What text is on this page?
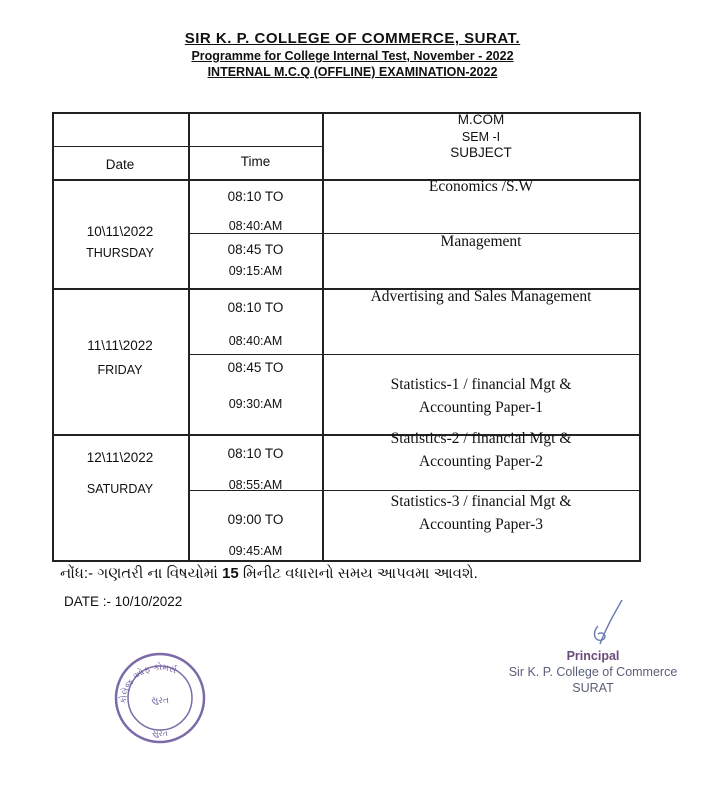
SIR K. P. COLLEGE OF COMMERCE, SURAT.
Programme for College Internal Test, November - 2022
INTERNAL M.C.Q (OFFLINE) EXAMINATION-2022
Date	Time
M.COM
SEM -I
SUBJECT
10\11\2022
THURSDAY
08:10 TO
08:40:AM
Economics /S.W
08:45 TO
09:15:AM
Management
11\11\2022
FRIDAY
08:10 TO
08:40:AM
Advertising and Sales Management
08:45 TO
09:30:AM
Statistics-1 / financial Mgt &
Accounting Paper-1
12\11\2022
SATURDAY
08:10 TO
08:55:AM
Statistics-2 / financial Mgt &
Accounting Paper-2
09:00 TO
09:45:AM
Statistics-3 / financial Mgt &
Accounting Paper-3
નોંધ:- ગણતરી ના વિષયોમાં 15 મિનીટ વધારાનો સમય આપવમા આવશે.
DATE :- 10/10/2022
કોલેજ ઓફ કોમર્સ
સુરત
સુરત
Principal
Sir K. P. College of Commerce
SURAT
